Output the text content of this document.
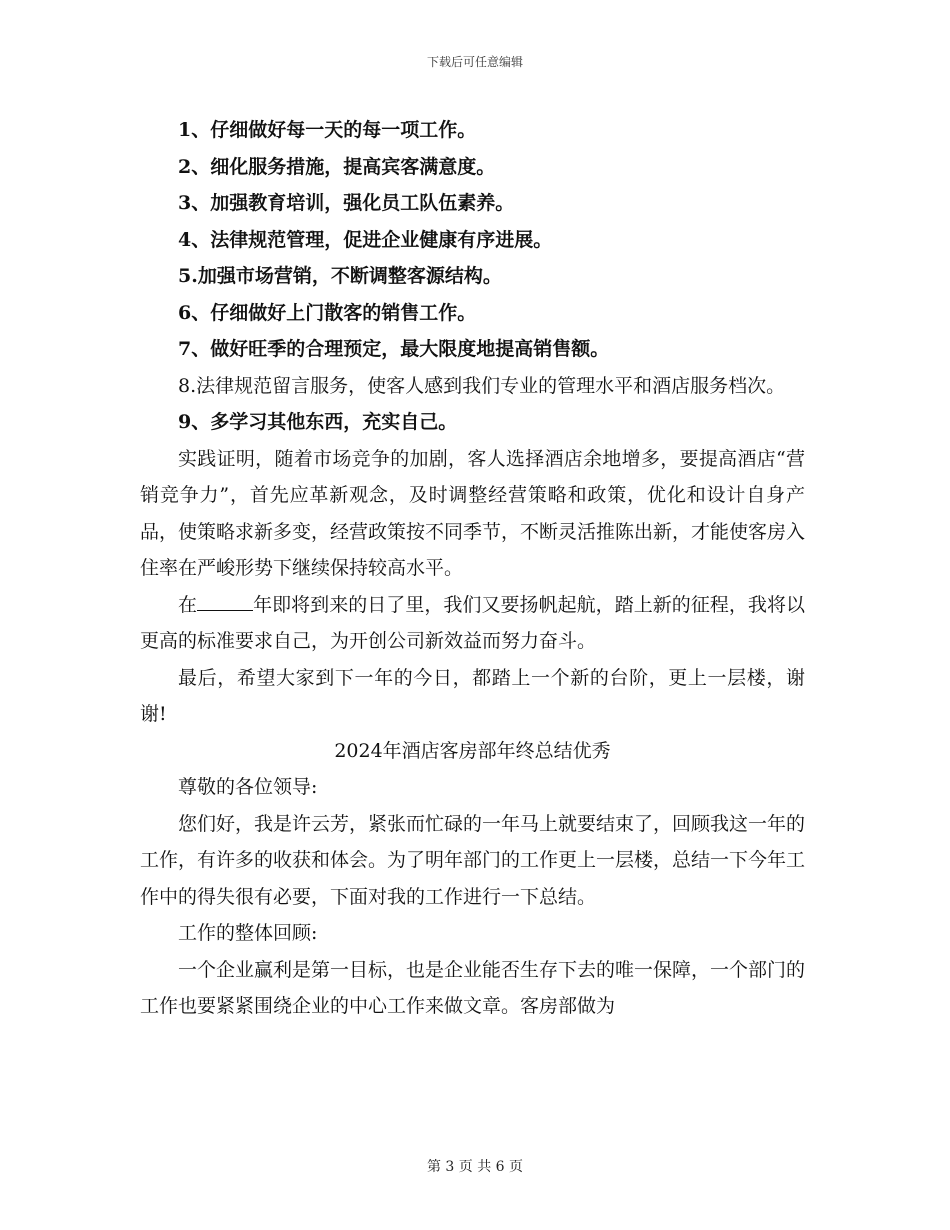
下载后可任意编辑

1、仔细做好每一天的每一项工作。

2、细化服务措施，提高宾客满意度。

3、加强教育培训，强化员工队伍素养。

4、法律规范管理，促进企业健康有序进展。

5.加强市场营销，不断调整客源结构。

6、仔细做好上门散客的销售工作。

7、做好旺季的合理预定，最大限度地提高销售额。

8.法律规范留言服务，使客人感到我们专业的管理水平和酒店服务档次。

9、多学习其他东西，充实自己。

实践证明，随着市场竞争的加剧，客人选择酒店余地增多，要提高酒店“营销竞争力”，首先应革新观念，及时调整经营策略和政策，优化和设计自身产品，使策略求新多变，经营政策按不同季节，不断灵活推陈出新，才能使客房入住率在严峻形势下继续保持较高水平。

在	年即将到来的日了里，我们又要扬帆起航，踏上新的征程，我将以更高的标准要求自己，为开创公司新效益而努力奋斗。

最后，希望大家到下一年的今日，都踏上一个新的台阶，更上一层楼，谢谢!

2024年酒店客房部年终总结优秀

尊敬的各位领导:

您们好，我是许云芳，紧张而忙碌的一年马上就要结束了，回顾我这一年的工作，有许多的收获和体会。为了明年部门的工作更上一层楼，总结一下今年工作中的得失很有必要，下面对我的工作进行一下总结。

工作的整体回顾:

一个企业赢利是第一目标，也是企业能否生存下去的唯一保障，一个部门的工作也要紧紧围绕企业的中心工作来做文章。客房部做为

第 3 页 共 6 页
